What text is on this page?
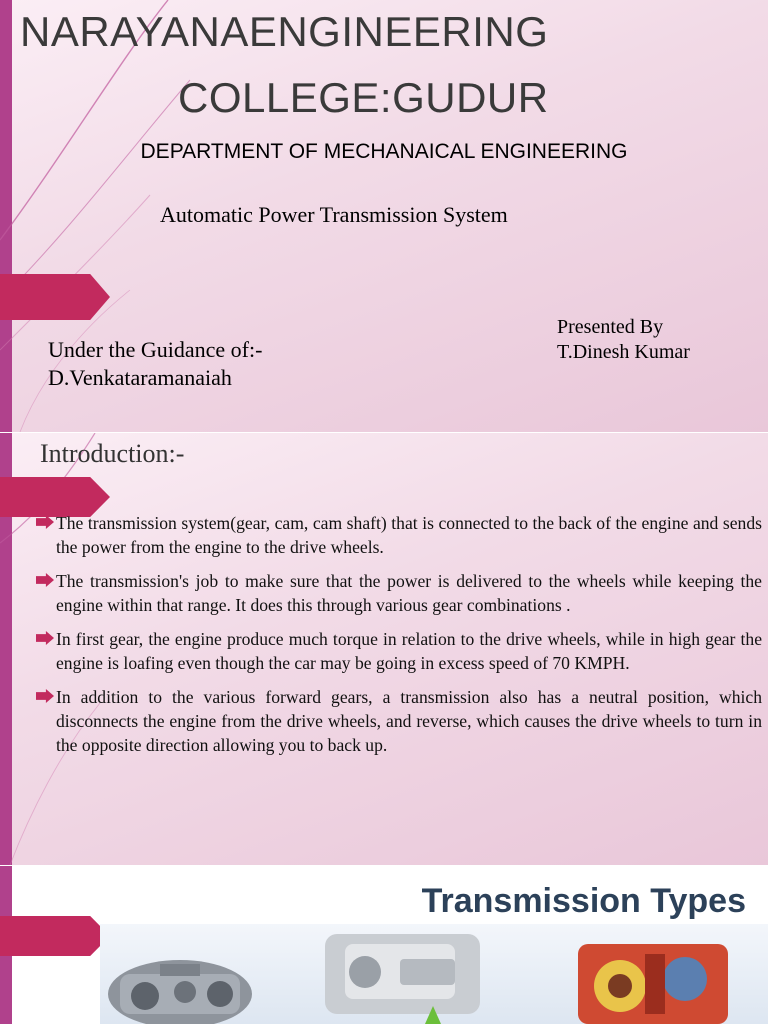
NARAYANAENGINEERING
COLLEGE:GUDUR
DEPARTMENT OF MECHANAICAL ENGINEERING
Automatic Power Transmission System
Presented By
T.Dinesh Kumar
Under the Guidance of:-
D.Venkataramanaiah
Introduction:-
The transmission system(gear, cam, cam shaft) that is connected to the back of the engine and sends the power from the engine to the drive wheels.
The transmission's job to make sure that the power is delivered to the wheels while keeping the engine within that range. It does this through various gear combinations .
In first gear, the engine produce much torque in relation to the drive wheels, while in high gear the engine is loafing even though the car may be going in excess speed of 70 KMPH.
In addition to the various forward gears, a transmission also has a neutral position, which disconnects the engine from the drive wheels, and reverse, which causes the drive wheels to turn in the opposite direction allowing you to back up.
Transmission Types
